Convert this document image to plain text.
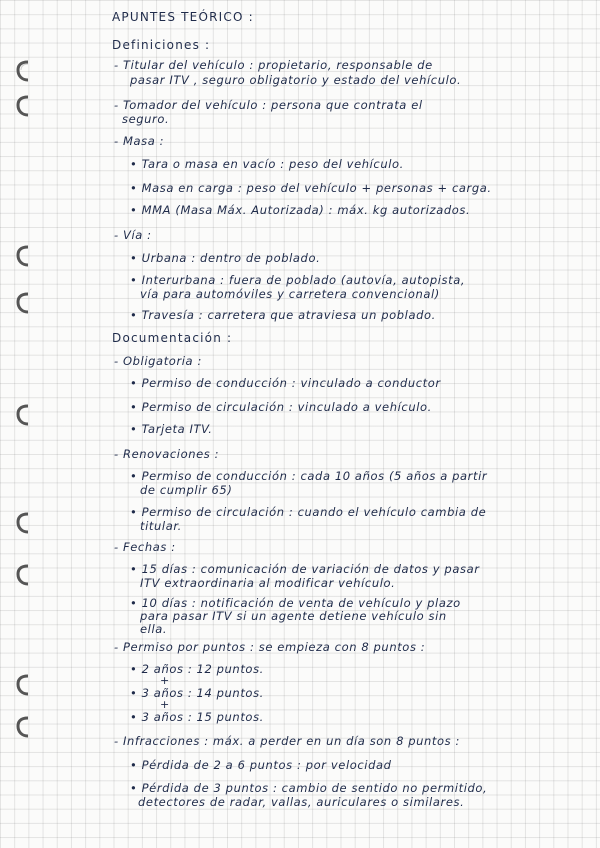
APUNTES TEÓRICO :
Definiciones :
- Titular del vehículo : propietario, responsable de
pasar ITV , seguro obligatorio y estado del vehículo.
- Tomador del vehículo : persona que contrata el
seguro.
- Masa :
• Tara o masa en vacío : peso del vehículo.
• Masa en carga : peso del vehículo + personas + carga.
• MMA (Masa Máx. Autorizada) : máx. kg autorizados.
- Vía :
• Urbana : dentro de poblado.
• Interurbana : fuera de poblado (autovía, autopista,
vía para automóviles y carretera convencional)
• Travesía : carretera que atraviesa un poblado.
Documentación :
- Obligatoria :
• Permiso de conducción : vinculado a conductor
• Permiso de circulación : vinculado a vehículo.
• Tarjeta ITV.
- Renovaciones :
• Permiso de conducción : cada 10 años (5 años a partir
de cumplir 65)
• Permiso de circulación : cuando el vehículo cambia de
titular.
- Fechas :
• 15 días : comunicación de variación de datos y pasar
ITV extraordinaria al modificar vehículo.
• 10 días : notificación de venta de vehículo y plazo
para pasar ITV si un agente detiene vehículo sin
ella.
- Permiso por puntos : se empieza con 8 puntos :
• 2 años : 12 puntos.
+
• 3 años : 14 puntos.
+
• 3 años : 15 puntos.
- Infracciones : máx. a perder en un día son 8 puntos :
• Pérdida de 2 a 6 puntos : por velocidad
• Pérdida de 3 puntos : cambio de sentido no permitido,
detectores de radar, vallas, auriculares o similares.
